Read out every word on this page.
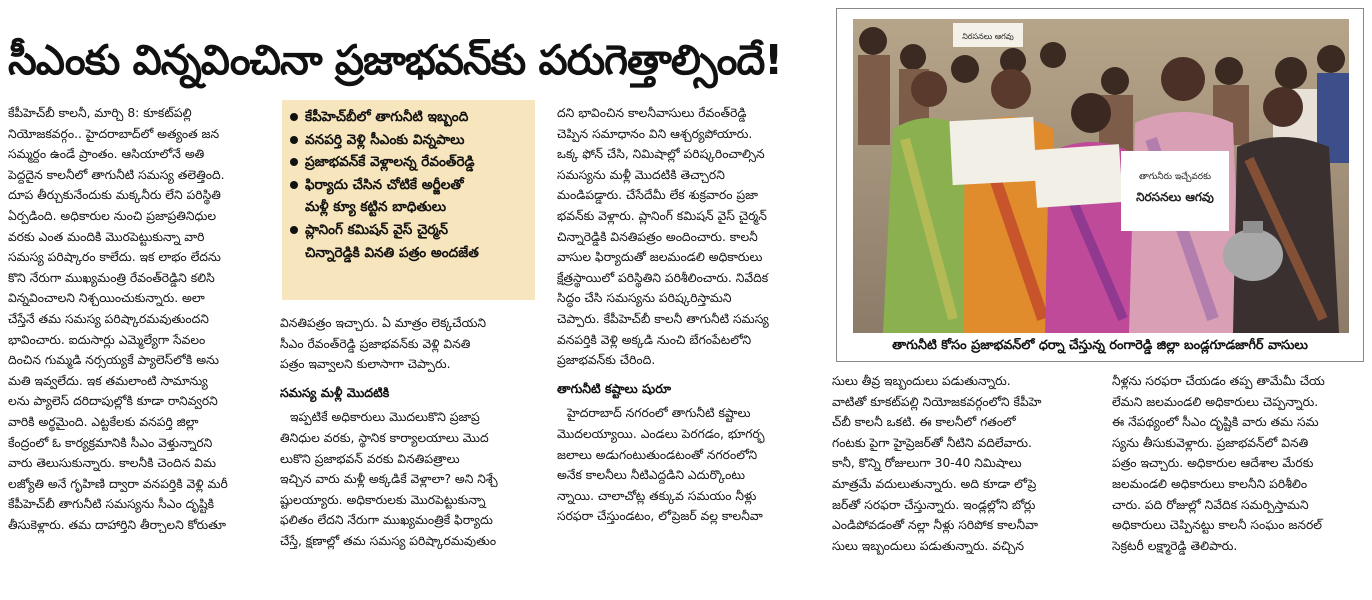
సీఎంకు విన్నవించినా ప్రజాభవన్‌కు పరుగెత్తాల్సిందే!

కేపీహెచ్‌బీ కాలనీ, మార్చి 8: కూకట్‌పల్లి

నియోజకవర్గం.. హైదరాబాద్‌లో అత్యంత జన

సమ్మర్దం ఉండే ప్రాంతం. ఆసియాలోనే అతి

పెద్దదైన కాలనీలో తాగునీటి సమస్య తలెత్తింది.

దూప తీర్చుకునేందుకు మక్కనీరు లేని పరిస్థితి

ఏర్పడింది. అధికారుల నుంచి ప్రజాప్రతినిధుల

వరకు ఎంత మందికి మొరపెట్టుకున్నా వారి

సమస్య పరిష్కారం కాలేదు. ఇక లాభం లేదను

కొని నేరుగా ముఖ్యమంత్రి రేవంత్‌రెడ్డిని కలిసి

విన్నవించాలని నిశ్చయించుకున్నారు. అలా

చేస్తేనే తమ సమస్య పరిష్కారమవుతుందని

భావించారు. ఐదుసార్లు ఎమ్మెల్యేగా సేవలం

దించిన గుమ్మడి నర్సయ్యకే ప్యాలెస్‌లోకి అను

మతి ఇవ్వలేదు. ఇక తమలాంటి సామాన్యు

లను ప్యాలెస్ దరిదాపుల్లోకి కూడా రానివ్వరని

వారికి అర్థమైంది. ఎట్టకేలకు వనపర్తి జిల్లా

కేంద్రంలో ఓ కార్యక్రమానికి సీఎం వెళ్తున్నారని

వారు తెలుసుకున్నారు. కాలనీకి చెందిన విమ

లజ్యోతి అనే గృహిణి ద్వారా వనపర్తికి వెళ్లి మరీ

కేపీహెచ్‌బీ తాగునీటి సమస్యను సీఎం దృష్టికి

తీసుకెళ్లారు. తమ దాహార్తిని తీర్చాలని కోరుతూ

కేపీహెచ్‌బీలో తాగునీటి ఇబ్బంది
వనపర్తి వెళ్లి సీఎంకు విన్నపాలు
ప్రజాభవన్‌కే వెళ్లాలన్న రేవంత్‌రెడ్డి
ఫిర్యాదు చేసిన చోటికే అర్జీలతో
మళ్లీ క్యూ కట్టిన బాధితులు
ప్లానింగ్ కమిషన్ వైస్ చైర్మన్
చిన్నారెడ్డికి వినతి పత్రం అందజేత

వినతిపత్రం ఇచ్చారు. ఏ మాత్రం లెక్కచేయని

సీఎం రేవంత్‌రెడ్డి ప్రజాభవన్‌కు వెళ్లి వినతి

పత్రం ఇవ్వాలని కులాసాగా చెప్పారు.

సమస్య మళ్లీ మొదటికి

ఇప్పటికే అధికారులు మొదలుకొని ప్రజాప్ర

తినిధుల వరకు, స్థానిక కార్యాలయాలు మొద

లుకొని ప్రజాభవన్ వరకు వినతిపత్రాలు

ఇచ్చిన వారు మళ్లీ అక్కడికే వెళ్లాలా? అని నిశ్చే

ష్టులయ్యారు. అధికారులకు మొరపెట్టుకున్నా

ఫలితం లేదని నేరుగా ముఖ్యమంత్రికే ఫిర్యాదు

చేస్తే, క్షణాల్లో తమ సమస్య పరిష్కారమవుతుం

దని భావించిన కాలనీవాసులు రేవంత్‌రెడ్డి

చెప్పిన సమాధానం విని ఆశ్చర్యపోయారు.

ఒక్క ఫోన్ చేసి, నిమిషాల్లో పరిష్కరించాల్సిన

సమస్యను మళ్లీ మొదటికి తెచ్చారని

మండిపడ్డారు. చేసేదేమీ లేక శుక్రవారం ప్రజా

భవన్‌కు వెళ్లారు. ప్లానింగ్ కమిషన్ వైస్ చైర్మన్

చిన్నారెడ్డికి వినతిపత్రం అందించారు. కాలనీ

వాసుల ఫిర్యాదుతో జలమండలి అధికారులు

క్షేత్రస్థాయిలో పరిస్థితిని పరిశీలించారు. నివేదిక

సిద్ధం చేసి సమస్యను పరిష్కరిస్తామని

చెప్పారు. కేపీహెచ్‌బీ కాలనీ తాగునీటి సమస్య

వనపర్తికి వెళ్లి అక్కడి నుంచి బేగంపేటలోని

ప్రజాభవన్‌కు చేరింది.

తాగునీటి కష్టాలు షురూ

హైదరాబాద్ నగరంలో తాగునీటి కష్టాలు

మొదలయ్యాయి. ఎండలు పెరగడం, భూగర్భ

జలాలు అడుగంటుతుండటంతో నగరంలోని

అనేక కాలనీలు నీటిఎద్దడిని ఎదుర్కొంటు

న్నాయి. చాలాచోట్ల తక్కువ సమయం నీళ్లు

సరఫరా చేస్తుండటం, లోప్రెజర్ వల్ల కాలనీవా

నిరసనలు ఆగవు
తాగునీరు ఇచ్చేవరకు
నిరసనలు ఆగవు
తాగునీటి కోసం ప్రజాభవన్‌లో ధర్నా చేస్తున్న రంగారెడ్డి జిల్లా బండ్లగూడజాగీర్ వాసులు

సులు తీవ్ర ఇబ్బందులు పడుతున్నారు.

వాటితో కూకట్‌పల్లి నియోజకవర్గంలోని కేపీహె

చ్‌బీ కాలనీ ఒకటి. ఈ కాలనీలో గతంలో

గంటకు పైగా హైప్రెజర్‌తో నీటిని వదిలేవారు.

కానీ, కొన్ని రోజులుగా 30-40 నిమిషాలు

మాత్రమే వదులుతున్నారు. అది కూడా లోప్రె

జర్‌తో సరఫరా చేస్తున్నారు. ఇండ్లల్లోని బోర్లు

ఎండిపోవడంతో నల్లా నీళ్లు సరిపోక కాలనీవా

సులు ఇబ్బందులు పడుతున్నారు. వచ్చిన

నీళ్లను సరఫరా చేయడం తప్ప తామేమీ చేయ

లేమని జలమండలి అధికారులు చెప్పన్నారు.

ఈ నేపథ్యంలో సీఎం దృష్టికి వారు తమ సమ

స్యను తీసుకువెళ్లారు. ప్రజాభవన్‌లో వినతి

పత్రం ఇచ్చారు. అధికారుల ఆదేశాల మేరకు

జలమండలి అధికారులు కాలనీని పరిశీలిం

చారు. పది రోజుల్లో నివేదిక సమర్పిస్తామని

అధికారులు చెప్పినట్టు కాలనీ సంఘం జనరల్

సెక్రటరీ లక్ష్మారెడ్డి తెలిపారు.
